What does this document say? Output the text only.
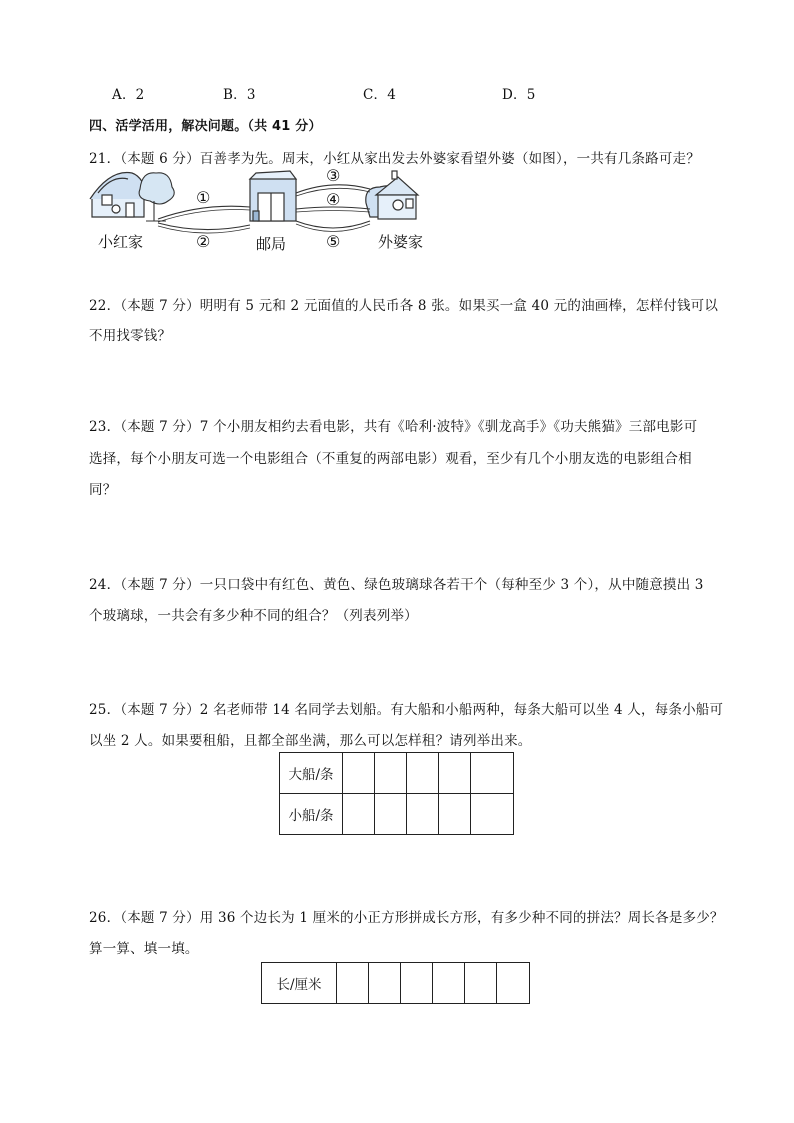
A．2	B．3	C．4	D．5
四、活学活用，解决问题。（共 41 分）
21．（本题 6 分）百善孝为先。周末，小红从家出发去外婆家看望外婆（如图），一共有几条路可走？
①
②
③
④
⑤
小红家	邮局	外婆家
22．（本题 7 分）明明有 5 元和 2 元面值的人民币各 8 张。如果买一盒 40 元的油画棒，怎样付钱可以
不用找零钱？
23．（本题 7 分）7 个小朋友相约去看电影，共有《哈利·波特》《驯龙高手》《功夫熊猫》三部电影可
选择，每个小朋友可选一个电影组合（不重复的两部电影）观看，至少有几个小朋友选的电影组合相
同？
24．（本题 7 分）一只口袋中有红色、黄色、绿色玻璃球各若干个（每种至少 3 个），从中随意摸出 3
个玻璃球，一共会有多少种不同的组合？（列表列举）
25．（本题 7 分）2 名老师带 14 名同学去划船。有大船和小船两种，每条大船可以坐 4 人，每条小船可
以坐 2 人。如果要租船，且都全部坐满，那么可以怎样租？请列举出来。
大船/条					
小船/条					
26．（本题 7 分）用 36 个边长为 1 厘米的小正方形拼成长方形，有多少种不同的拼法？周长各是多少？
算一算、填一填。
长/厘米						
